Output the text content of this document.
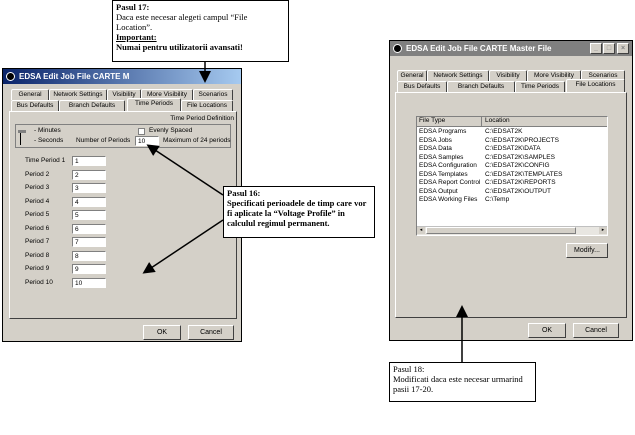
EDSA Edit Job File CARTE M
General	Network Settings	Visibility	More Visibility	Scenarios
Bus Defaults	Branch Defaults	Time Periods	File Locations
Time Period Definition
- Minutes
- Seconds
Evenly Spaced
Number of Periods	10	Maximum of 24 periods
Time Period 1	1
Period 2	2
Period 3	3
Period 4	4
Period 5	5
Period 6	6
Period 7	7
Period 8	8
Period 9	9
Period 10	10
OK	Cancel
EDSA Edit Job File CARTE Master File	_	□	×
General	Network Settings	Visibility	More Visibility	Scenarios
Bus Defaults	Branch Defaults	Time Periods	File Locations
File Type	Location
EDSA Programs	C:\EDSAT2K
EDSA Jobs	C:\EDSAT2K\PROJECTS
EDSA Data	C:\EDSAT2K\DATA
EDSA Samples	C:\EDSAT2K\SAMPLES
EDSA Configuration C:\EDSAT2K\CONFIG
EDSA Templates	C:\EDSAT2K\TEMPLATES
EDSA Report Control C:\EDSAT2K\REPORTS
EDSA Output	C:\EDSAT2K\OUTPUT
EDSA Working Files C:\Temp
◂	▸
Modify...
OK	Cancel
Pasul 17:
Daca este necesar alegeti campul “File Location”.
Important:
Numai pentru utilizatorii avansati!
Pasul 16:
Specificati perioadele de timp care vor fi aplicate la “Voltage Profile” in calculul regimul permanent.
Pasul 18:
Modificati daca este necesar urmarind pasii 17-20.
